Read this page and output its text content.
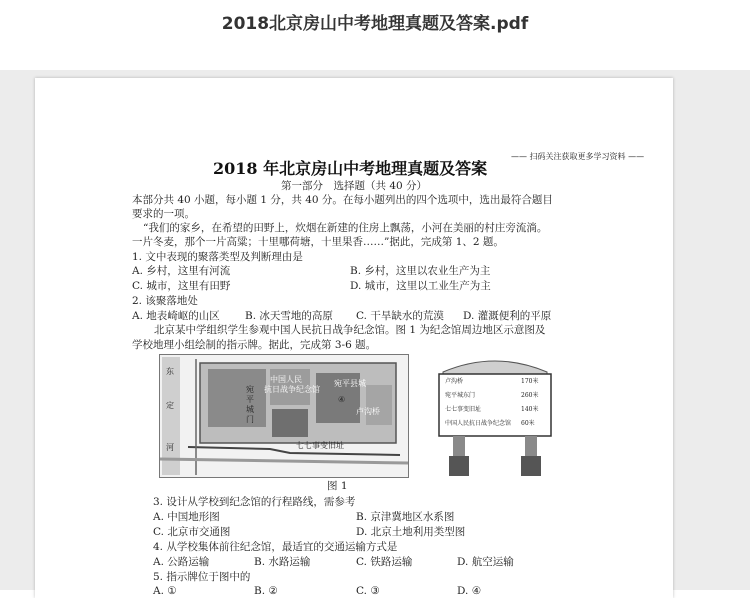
2018北京房山中考地理真题及答案.pdf
—— 扫码关注获取更多学习资料 ——
2018 年北京房山中考地理真题及答案
第一部分　选择题（共 40 分）
本部分共 40 小题，每小题 1 分，共 40 分。在每小题列出的四个选项中，选出最符合题目
要求的一项。
“我们的家乡，在希望的田野上，炊烟在新建的住房上飘荡，小河在美丽的村庄旁流淌。
一片冬麦，那个一片高粱；十里哪荷塘，十里果香……”据此，完成第 1、2 题。
1. 文中表现的聚落类型及判断理由是
A. 乡村，这里有河流	B. 乡村，这里以农业生产为主
C. 城市，这里有田野	D. 城市，这里以工业生产为主
2. 该聚落地处
A. 地表崎岖的山区 B. 冰天雪地的高原 C. 干旱缺水的荒漠 D. 灌溉便利的平原
北京某中学组织学生参观中国人民抗日战争纪念馆。图 1 为纪念馆周边地区示意图及
学校地理小组绘制的指示牌。据此，完成第 3-6 题。
东
定
河
中国人民
抗日战争纪念馆
宛平县城
宛平城门
卢沟桥
④
七七事变旧址
卢沟桥	170米
宛平城东门	260米
七七事变旧址	140米
中国人民抗日战争纪念馆 60米
图 1
3. 设计从学校到纪念馆的行程路线，需参考
A. 中国地形图	B. 京津冀地区水系图
C. 北京市交通图	D. 北京土地利用类型图
4. 从学校集体前往纪念馆，最适宜的交通运输方式是
A. 公路运输	B. 水路运输	C. 铁路运输	D. 航空运输
5. 指示牌位于图中的
A. ①	B. ②	C. ③	D. ④
